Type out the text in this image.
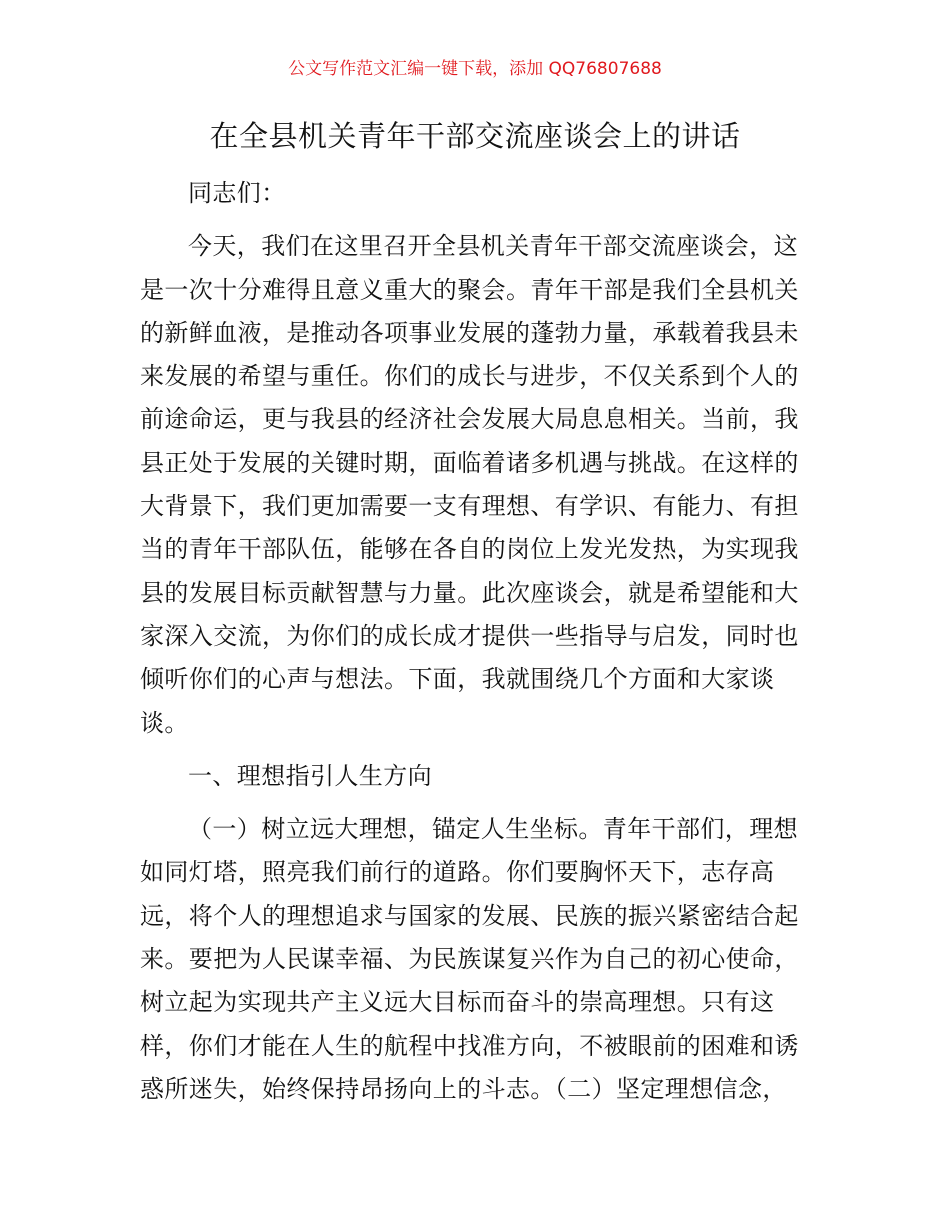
公文写作范文汇编一键下载，添加 QQ76807688
在全县机关青年干部交流座谈会上的讲话
同志们：
今天，我们在这里召开全县机关青年干部交流座谈会，这
是一次十分难得且意义重大的聚会。青年干部是我们全县机关
的新鲜血液，是推动各项事业发展的蓬勃力量，承载着我县未
来发展的希望与重任。你们的成长与进步，不仅关系到个人的
前途命运，更与我县的经济社会发展大局息息相关。当前，我
县正处于发展的关键时期，面临着诸多机遇与挑战。在这样的
大背景下，我们更加需要一支有理想、有学识、有能力、有担
当的青年干部队伍，能够在各自的岗位上发光发热，为实现我
县的发展目标贡献智慧与力量。此次座谈会，就是希望能和大
家深入交流，为你们的成长成才提供一些指导与启发，同时也
倾听你们的心声与想法。下面，我就围绕几个方面和大家谈
谈。
一、理想指引人生方向
（一）树立远大理想，锚定人生坐标。青年干部们，理想
如同灯塔，照亮我们前行的道路。你们要胸怀天下，志存高
远，将个人的理想追求与国家的发展、民族的振兴紧密结合起
来。要把为人民谋幸福、为民族谋复兴作为自己的初心使命，
树立起为实现共产主义远大目标而奋斗的崇高理想。只有这
样，你们才能在人生的航程中找准方向，不被眼前的困难和诱
惑所迷失，始终保持昂扬向上的斗志。（二）坚定理想信念，
